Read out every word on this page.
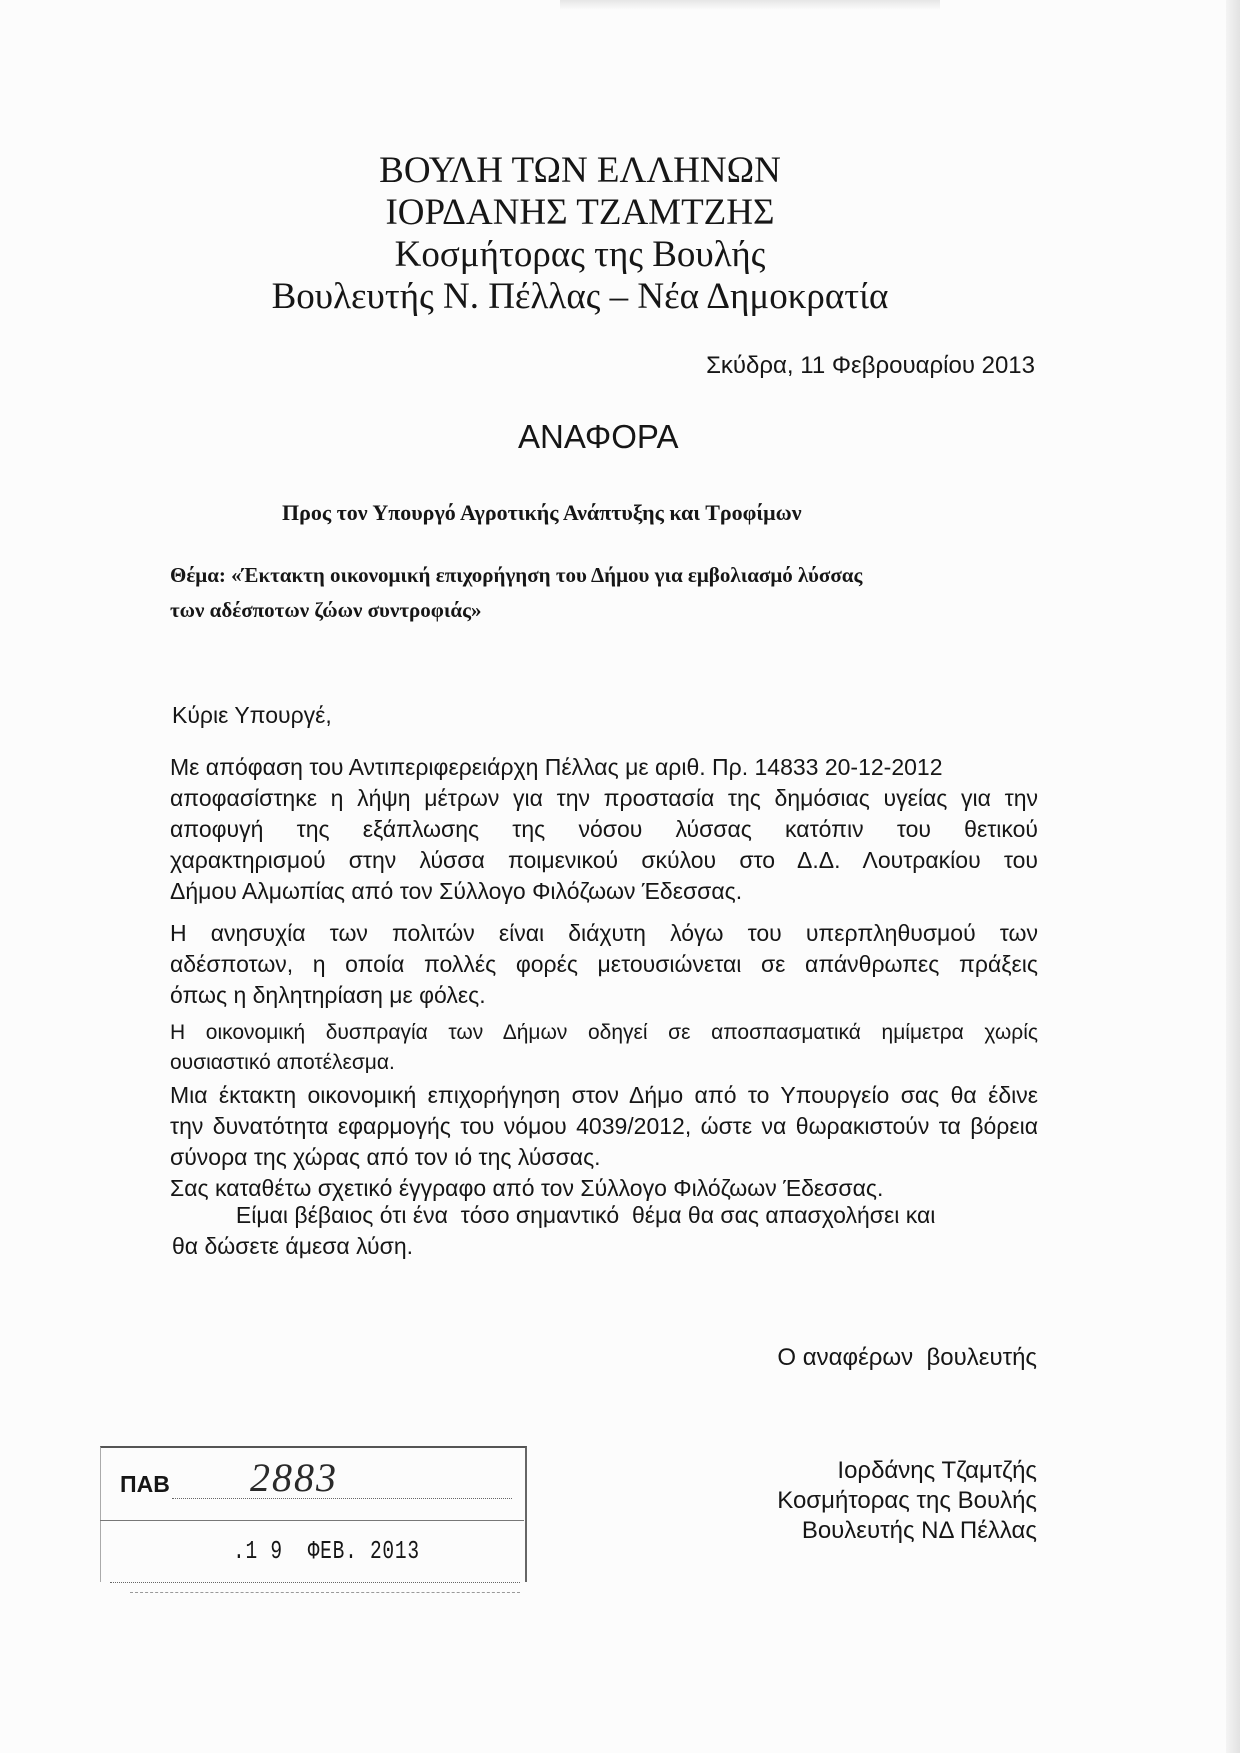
ΒΟΥΛΗ ΤΩΝ ΕΛΛΗΝΩΝ
ΙΟΡΔΑΝΗΣ ΤΖΑΜΤΖΗΣ
Κοσμήτορας της Βουλής
Βουλευτής Ν. Πέλλας – Νέα Δημοκρατία
Σκύδρα, 11 Φεβρουαρίου 2013
ΑΝΑΦΟΡΑ
Προς τον Υπουργό Αγροτικής Ανάπτυξης και Τροφίμων
Θέμα: «Έκτακτη οικονομική επιχορήγηση του Δήμου για εμβολιασμό λύσσας
των αδέσποτων ζώων συντροφιάς»
Κύριε Υπουργέ,
Με απόφαση του Αντιπεριφερειάρχη Πέλλας με αριθ. Πρ. 14833 20-12-2012
αποφασίστηκε η λήψη μέτρων για την προστασία της δημόσιας υγείας για την
αποφυγή της εξάπλωσης της νόσου λύσσας κατόπιν του θετικού
χαρακτηρισμού στην λύσσα ποιμενικού σκύλου στο Δ.Δ. Λουτρακίου του
Δήμου Αλμωπίας από τον Σύλλογο Φιλόζωων Έδεσσας.
Η ανησυχία των πολιτών είναι διάχυτη λόγω του υπερπληθυσμού των
αδέσποτων, η οποία πολλές φορές μετουσιώνεται σε απάνθρωπες πράξεις
όπως η δηλητηρίαση με φόλες.
Η οικονομική δυσπραγία των Δήμων οδηγεί σε αποσπασματικά ημίμετρα χωρίς
ουσιαστικό αποτέλεσμα.
Μια έκτακτη οικονομική επιχορήγηση στον Δήμο από το Υπουργείο σας θα έδινε
την δυνατότητα εφαρμογής του νόμου 4039/2012, ώστε να θωρακιστούν τα βόρεια
σύνορα της χώρας από τον ιό της λύσσας.
Σας καταθέτω σχετικό έγγραφο από τον Σύλλογο Φιλόζωων Έδεσσας.
Είμαι βέβαιος ότι ένα  τόσο σημαντικό  θέμα θα σας απασχολήσει και
θα δώσετε άμεσα λύση.
Ο αναφέρων  βουλευτής
Ιορδάνης Τζαμτζής
Κοσμήτορας της Βουλής
Βουλευτής ΝΔ Πέλλας
ΠΑΒ 2883
.1 9  ΦΕΒ. 2013
